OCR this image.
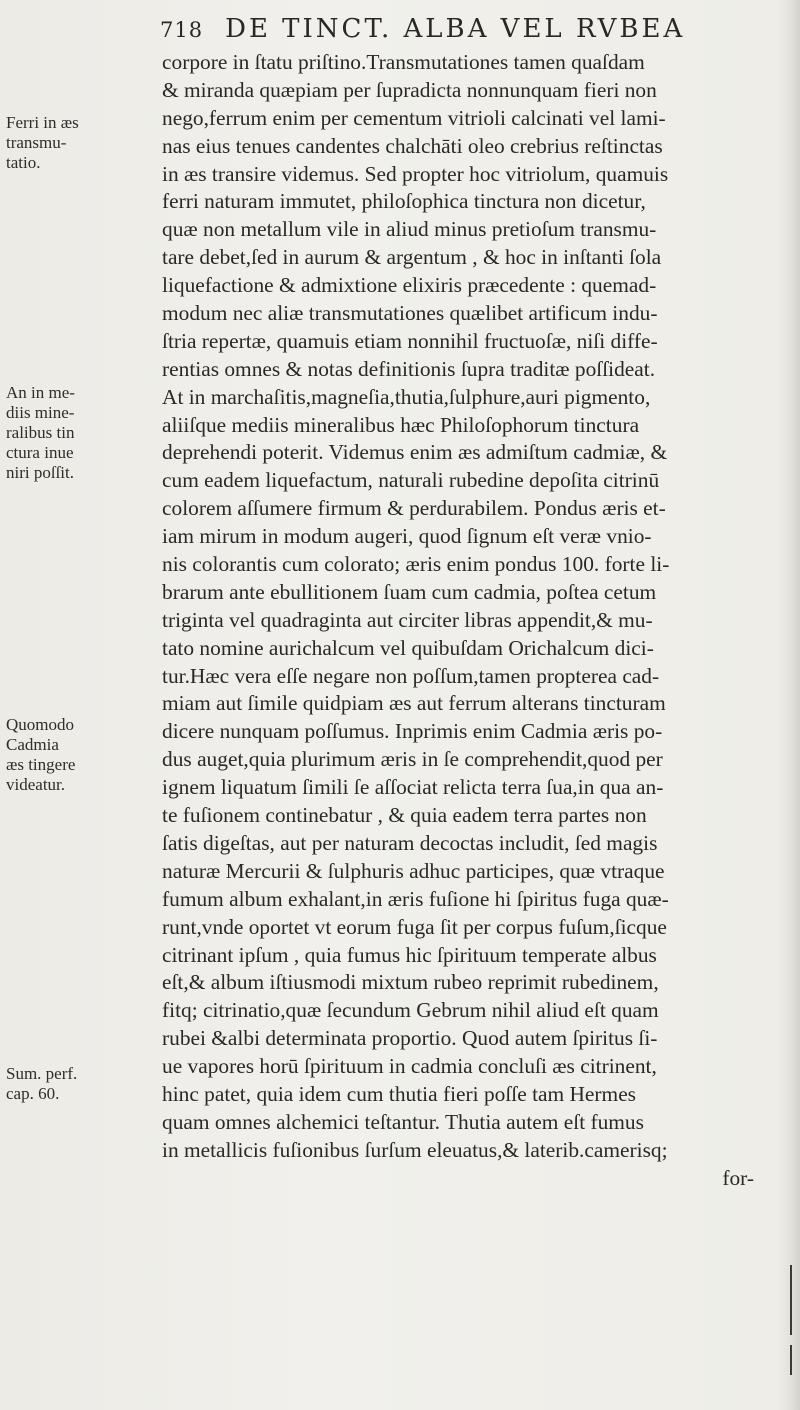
718 DE TINCT. ALBA VEL RVBEA
corpore in ſtatu priſtino.Transmutationes tamen quaſdam
& miranda quæpiam per ſupradicta nonnunquam fieri non
nego,ferrum enim per cementum vitrioli calcinati vel lami-
nas eius tenues candentes chalchāti oleo crebrius reſtinctas
in æs transire videmus. Sed propter hoc vitriolum, quamuis
ferri naturam immutet, philoſophica tinctura non dicetur,
quæ non metallum vile in aliud minus pretioſum transmu-
tare debet,ſed in aurum & argentum , & hoc in inſtanti ſola
liquefactione & admixtione elixiris præcedente : quemad-
modum nec aliæ transmutationes quælibet artificum indu-
ſtria repertæ, quamuis etiam nonnihil fructuoſæ, niſi diffe-
rentias omnes & notas definitionis ſupra traditæ poſſideat.
At in marchaſitis,magneſia,thutia,ſulphure,auri pigmento,
aliiſque mediis mineralibus hæc Philoſophorum tinctura
deprehendi poterit. Videmus enim æs admiſtum cadmiæ, &
cum eadem liquefactum, naturali rubedine depoſita citrinū
colorem aſſumere firmum & perdurabilem. Pondus æris et-
iam mirum in modum augeri, quod ſignum eſt veræ vnio-
nis colorantis cum colorato; æris enim pondus 100. forte li-
brarum ante ebullitionem ſuam cum cadmia, poſtea cetum
triginta vel quadraginta aut circiter libras appendit,& mu-
tato nomine aurichalcum vel quibuſdam Orichalcum dici-
tur.Hæc vera eſſe negare non poſſum,tamen propterea cad-
miam aut ſimile quidpiam æs aut ferrum alterans tincturam
dicere nunquam poſſumus. Inprimis enim Cadmia æris po-
dus auget,quia plurimum æris in ſe comprehendit,quod per
ignem liquatum ſimili ſe aſſociat relicta terra ſua,in qua an-
te fuſionem continebatur , & quia eadem terra partes non
ſatis digeſtas, aut per naturam decoctas includit, ſed magis
naturæ Mercurii & ſulphuris adhuc participes, quæ vtraque
fumum album exhalant,in æris fuſione hi ſpiritus fuga quæ-
runt,vnde oportet vt eorum fuga ſit per corpus fuſum,ſicque
citrinant ipſum , quia fumus hic ſpirituum temperate albus
eſt,& album iſtiusmodi mixtum rubeo reprimit rubedinem,
fitq; citrinatio,quæ ſecundum Gebrum nihil aliud eſt quam
rubei &albi determinata proportio. Quod autem ſpiritus ſi-
ue vapores horū ſpirituum in cadmia concluſi æs citrinent,
hinc patet, quia idem cum thutia fieri poſſe tam Hermes
quam omnes alchemici teſtantur. Thutia autem eſt fumus
in metallicis fuſionibus ſurſum eleuatus,& laterib.camerisq;
for-
Ferri in æs
transmu-
tatio.
An in me-
diis mine-
ralibus tin
ctura inue
niri poſſit.
Quomodo
Cadmia
æs tingere
videatur.
Sum. perf.
cap. 60.
